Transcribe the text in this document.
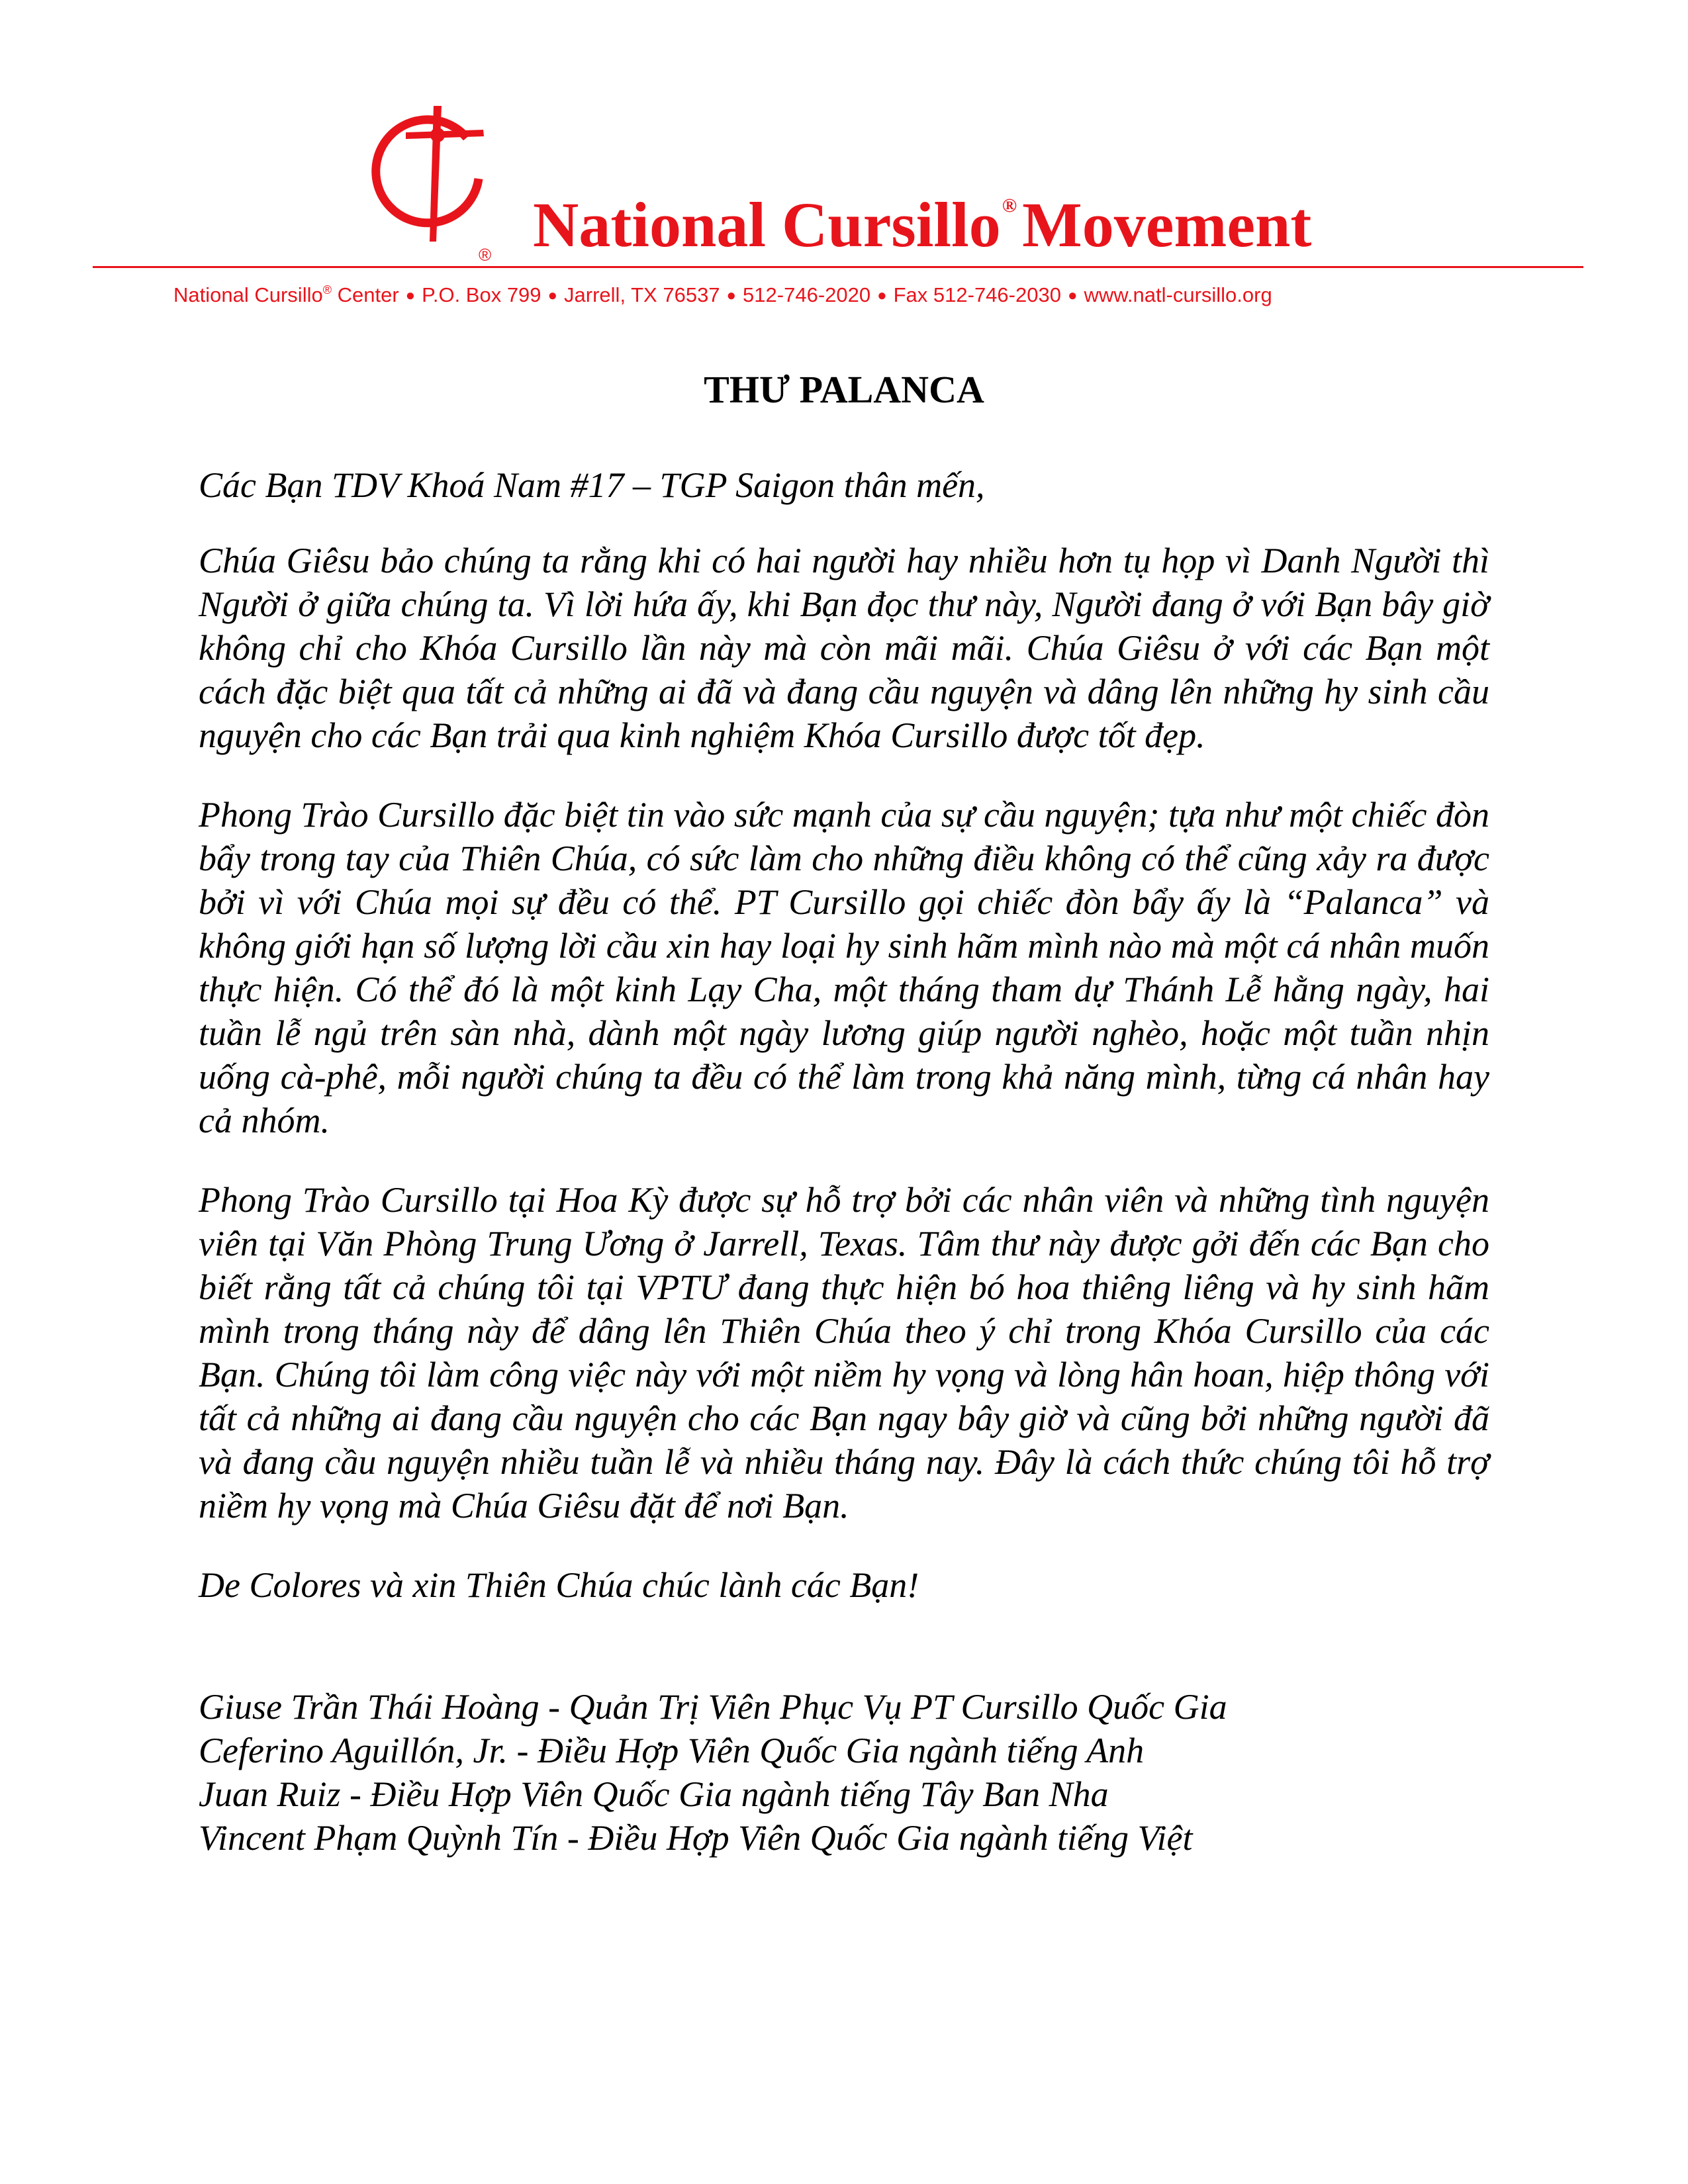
® National Cursillo®Movement
National Cursillo® Center ● P.O. Box 799 ● Jarrell, TX 76537 ● 512-746-2020 ● Fax 512-746-2030 ● www.natl-cursillo.org
THƯ PALANCA

Các Bạn TDV Khoá Nam #17 – TGP Saigon thân mến,

Chúa Giêsu bảo chúng ta rằng khi có hai người hay nhiều hơn tụ họp vì Danh Người thì Người ở giữa chúng ta. Vì lời hứa ấy, khi Bạn đọc thư này, Người đang ở với Bạn bây giờ không chỉ cho Khóa Cursillo lần này mà còn mãi mãi. Chúa Giêsu ở với các Bạn một cách đặc biệt qua tất cả những ai đã và đang cầu nguyện và dâng lên những hy sinh cầu nguyện cho các Bạn trải qua kinh nghiệm Khóa Cursillo được tốt đẹp.

Phong Trào Cursillo đặc biệt tin vào sức mạnh của sự cầu nguyện; tựa như một chiếc đòn bẩy trong tay của Thiên Chúa, có sức làm cho những điều không có thể cũng xảy ra được bởi vì với Chúa mọi sự đều có thể. PT Cursillo gọi chiếc đòn bẩy ấy là “Palanca” và không giới hạn số lượng lời cầu xin hay loại hy sinh hãm mình nào mà một cá nhân muốn thực hiện. Có thể đó là một kinh Lạy Cha, một tháng tham dự Thánh Lễ hằng ngày, hai tuần lễ ngủ trên sàn nhà, dành một ngày lương giúp người nghèo, hoặc một tuần nhịn uống cà-phê, mỗi người chúng ta đều có thể làm trong khả năng mình, từng cá nhân hay cả nhóm.

Phong Trào Cursillo tại Hoa Kỳ được sự hỗ trợ bởi các nhân viên và những tình nguyện viên tại Văn Phòng Trung Ương ở Jarrell, Texas. Tâm thư này được gởi đến các Bạn cho biết rằng tất cả chúng tôi tại VPTƯ đang thực hiện bó hoa thiêng liêng và hy sinh hãm mình trong tháng này để dâng lên Thiên Chúa theo ý chỉ trong Khóa Cursillo của các Bạn. Chúng tôi làm công việc này với một niềm hy vọng và lòng hân hoan, hiệp thông với tất cả những ai đang cầu nguyện cho các Bạn ngay bây giờ và cũng bởi những người đã và đang cầu nguyện nhiều tuần lễ và nhiều tháng nay. Đây là cách thức chúng tôi hỗ trợ niềm hy vọng mà Chúa Giêsu đặt để nơi Bạn.

De Colores và xin Thiên Chúa chúc lành các Bạn!

Giuse Trần Thái Hoàng - Quản Trị Viên Phục Vụ PT Cursillo Quốc Gia
Ceferino Aguillón, Jr. - Điều Hợp Viên Quốc Gia ngành tiếng Anh
Juan Ruiz - Điều Hợp Viên Quốc Gia ngành tiếng Tây Ban Nha
Vincent Phạm Quỳnh Tín - Điều Hợp Viên Quốc Gia ngành tiếng Việt
